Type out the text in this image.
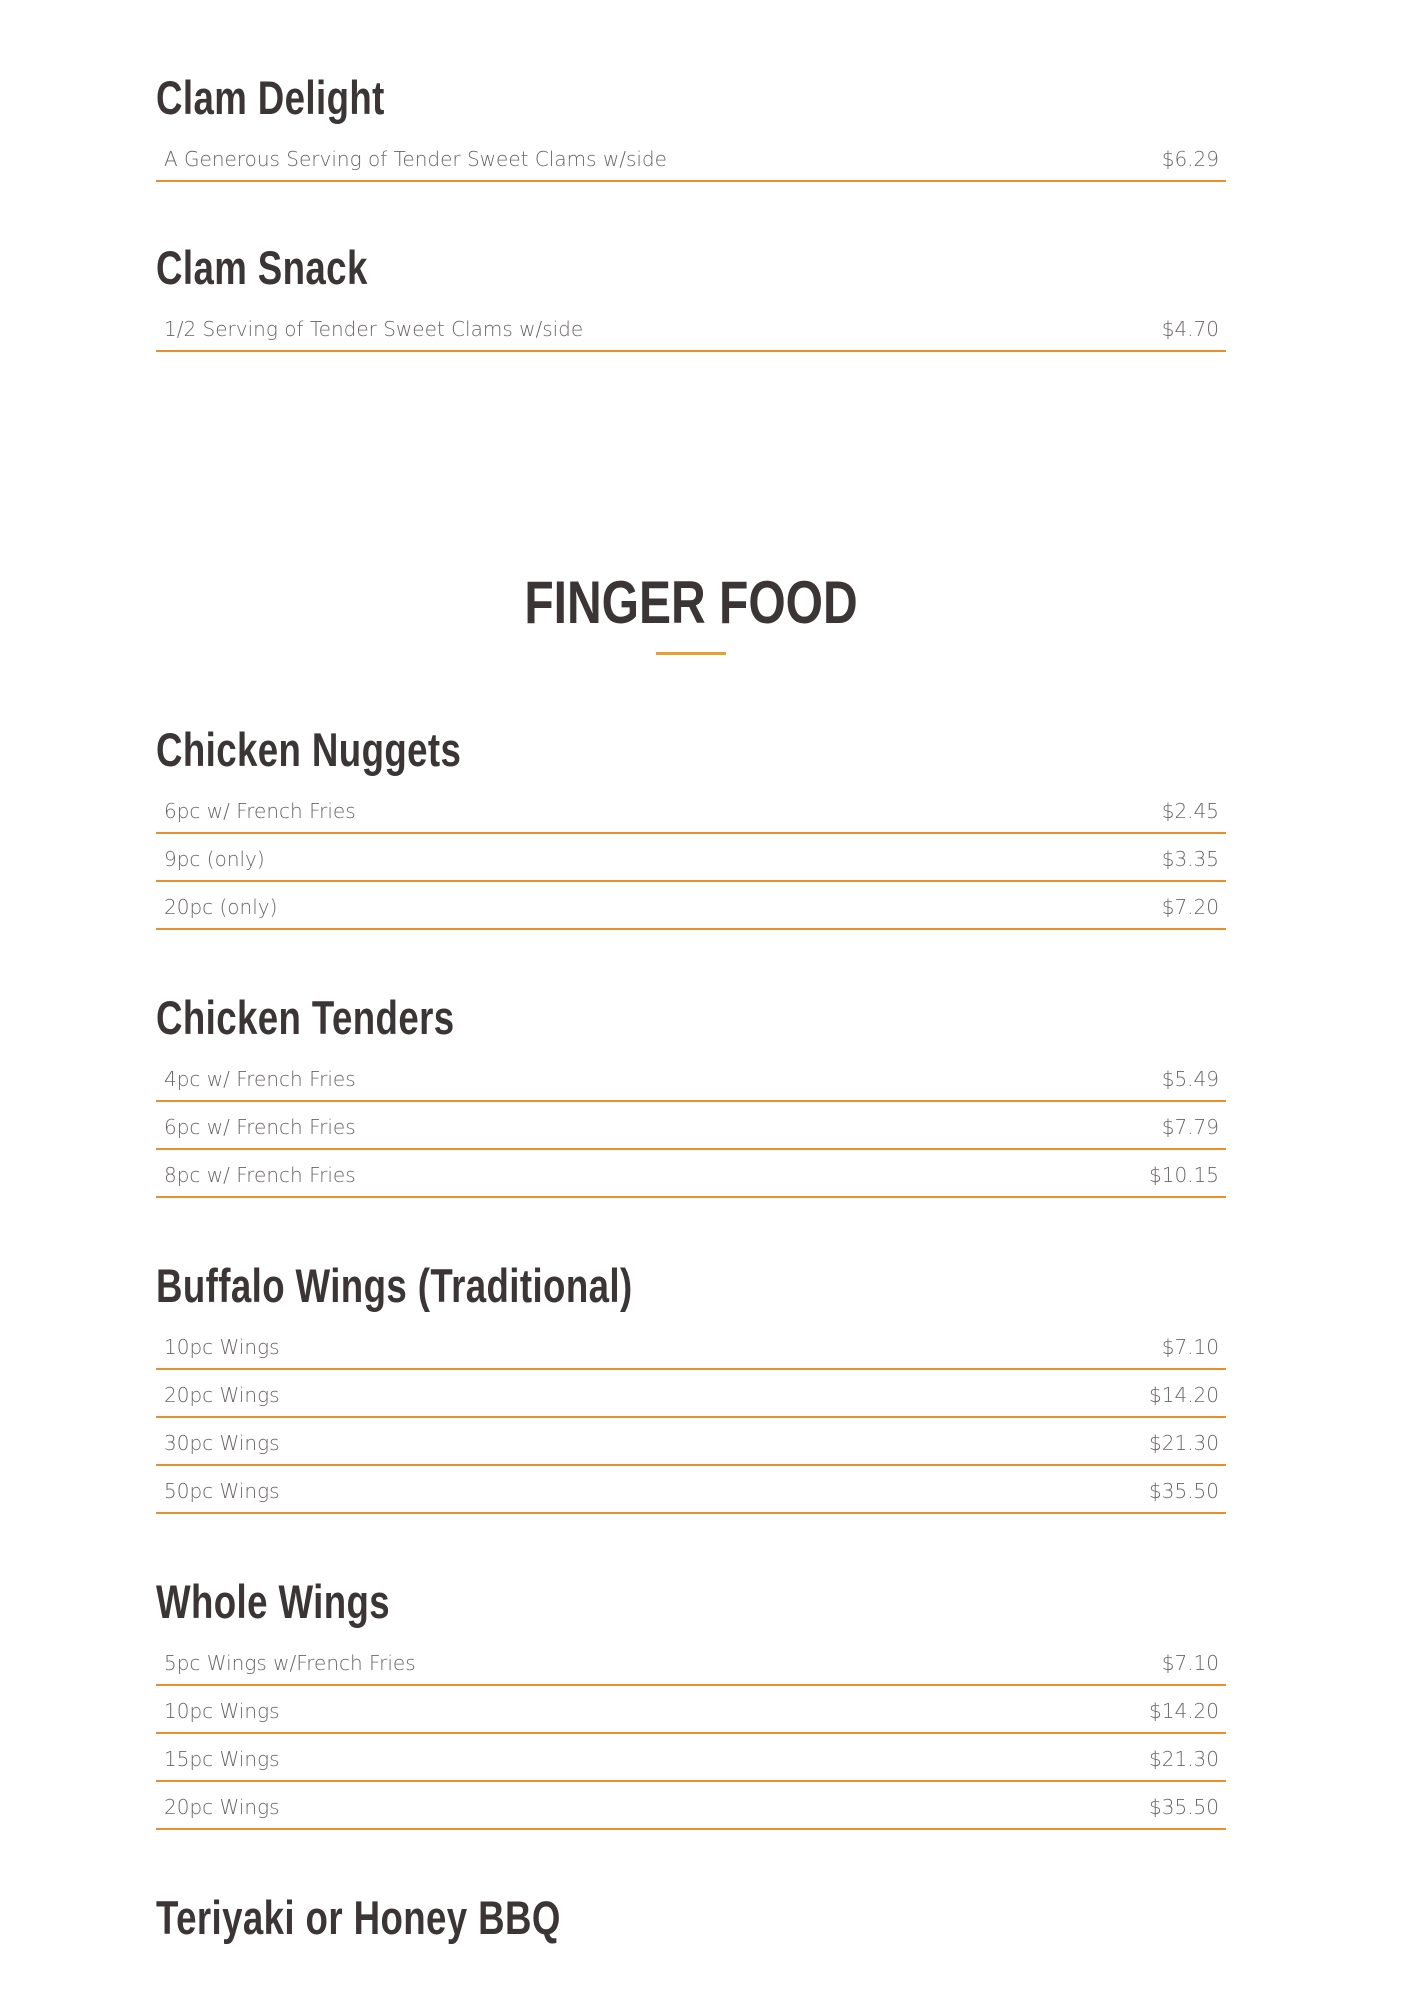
Clam Delight
A Generous Serving of Tender Sweet Clams w/side	$6.29
Clam Snack
1/2 Serving of Tender Sweet Clams w/side	$4.70
FINGER FOOD
Chicken Nuggets
6pc w/ French Fries	$2.45
9pc (only)	$3.35
20pc (only)	$7.20
Chicken Tenders
4pc w/ French Fries	$5.49
6pc w/ French Fries	$7.79
8pc w/ French Fries	$10.15
Buffalo Wings (Traditional)
10pc Wings	$7.10
20pc Wings	$14.20
30pc Wings	$21.30
50pc Wings	$35.50
Whole Wings
5pc Wings w/French Fries	$7.10
10pc Wings	$14.20
15pc Wings	$21.30
20pc Wings	$35.50
Teriyaki or Honey BBQ
